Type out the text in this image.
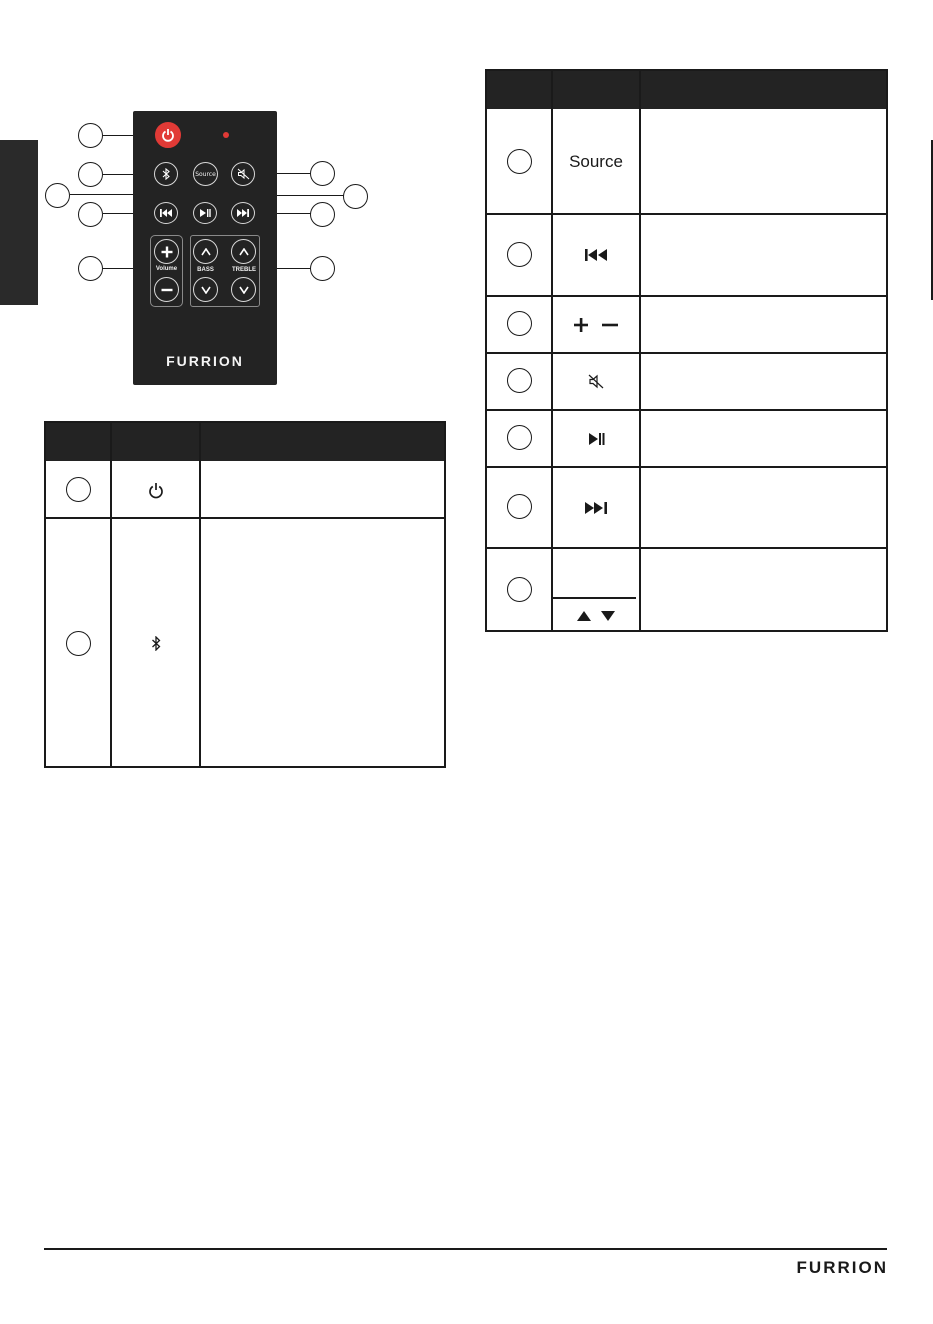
Source
Volume	BASS	TREBLE
FURRION
Source
FURRION
